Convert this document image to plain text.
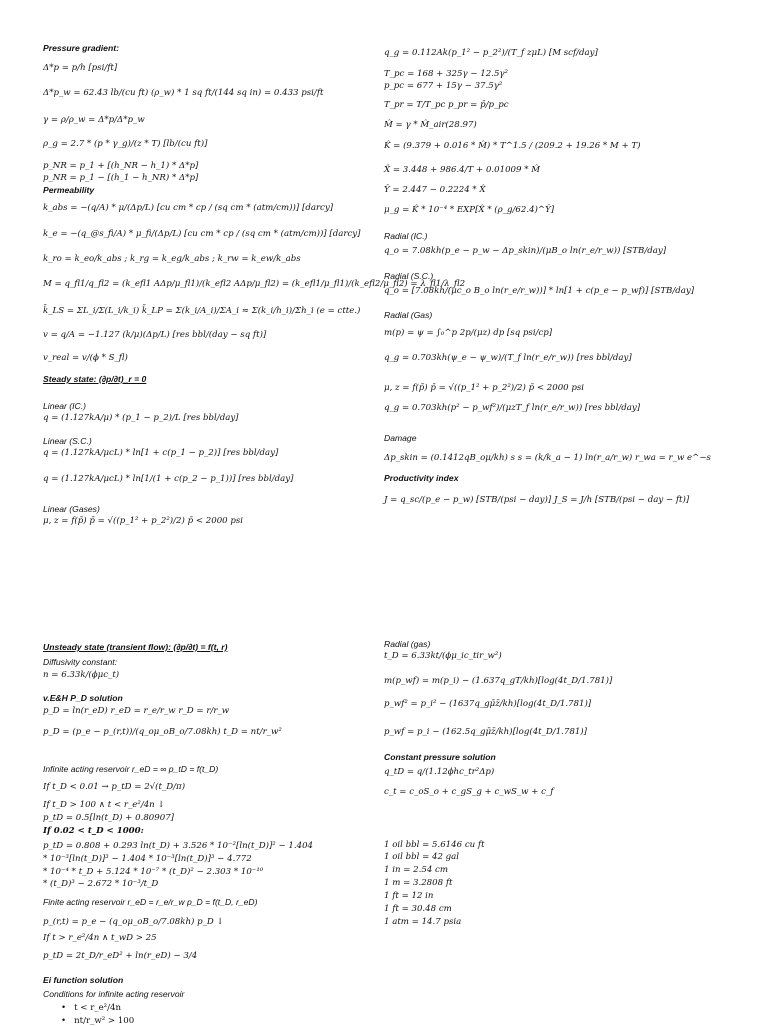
Pressure gradient:
Δ*p = p/h [psi/ft]
Δ*p_w = 62.43 lb/(cu ft) (ρ_w) * 1 sq ft/(144 sq in) = 0.433 psi/ft
γ = ρ/ρ_w = Δ*p/Δ*p_w
ρ_g = 2.7 * (p * γ_g)/(z * T) [lb/(cu ft)]
p_NR = p_1 + [(h_NR − h_1) * Δ*p]
p_NR = p_1 − [(h_1 − h_NR) * Δ*p]
Permeability
k_abs = −(q/A) * μ/(Δp/L) [cu cm * cp / (sq cm * (atm/cm))] [darcy]
k_e = −(q_@s_fi/A) * μ_fi/(Δp/L) [cu cm * cp / (sq cm * (atm/cm))] [darcy]
k_ro = k_eo/k_abs ; k_rg = k_eg/k_abs ; k_rw = k_ew/k_abs
M = q_fl1/q_fl2 = (k_efl1 AΔp/μ_fl1)/(k_efl2 AΔp/μ_fl2) = (k_efl1/μ_fl1)/(k_efl2/μ_fl2) = λ_fl1/λ_fl2
k̄_LS = ΣL_i/Σ(L_i/k_i) k̄_LP = Σ(k_i/A_i)/ΣA_i ≈ Σ(k_i/h_i)/Σh_i (e = ctte.)
v = q/A = −1.127 (k/μ)(Δp/L) [res bbl/(day − sq ft)]
v_real = v/(ϕ * S_fl)
Steady state: (∂p/∂t)_r = 0
Linear (IC.)
q = (1.127kA/μ) * (p_1 − p_2)/L [res bbl/day]
Linear (S.C.)
q = (1.127kA/μcL) * ln[1 + c(p_1 − p_2)] [res bbl/day]
q = (1.127kA/μcL) * ln[1/(1 + c(p_2 − p_1))] [res bbl/day]
Linear (Gases)
μ, z = f(p̄) p̄ = √((p_1² + p_2²)/2) p̄ < 2000 psi
q_g = 0.112Ak(p_1² − p_2²)/(T_f zμL) [M scf/day]
T_pc = 168 + 325γ − 12.5γ²
p_pc = 677 + 15γ − 37.5γ²
T_pr = T/T_pc p_pr = p̄/p_pc
M̂ = γ * M̂_air(28.97)
K̂ = (9.379 + 0.016 * M̂) * T^1.5 / (209.2 + 19.26 * M + T)
X̂ = 3.448 + 986.4/T + 0.01009 * M̂
Ŷ = 2.447 − 0.2224 * X̂
μ_g = K̂ * 10⁻⁴ * EXP[X̂ * (ρ_g/62.4)^Ŷ]
Radial (IC.)
q_o = 7.08kh(p_e − p_w − Δp_skin)/(μB_o ln(r_e/r_w)) [STB/day]
Radial (S.C.)
q_o = [7.08kh/(μc_o B_o ln(r_e/r_w))] * ln[1 + c(p_e − p_wf)] [STB/day]
Radial (Gas)
m(p) = ψ = ∫₀^p 2p/(μz) dp [sq psi/cp]
q_g = 0.703kh(ψ_e − ψ_w)/(T_f ln(r_e/r_w)) [res bbl/day]
μ, z = f(p̄) p̄ = √((p_1² + p_2²)/2) p̄ < 2000 psi
q_g = 0.703kh(p² − p_wf²)/(μzT_f ln(r_e/r_w)) [res bbl/day]
Damage
Δp_skin = (0.1412qB_oμ/kh) s s = (k/k_a − 1) ln(r_a/r_w) r_wa = r_w e^−s
Productivity index
J = q_sc/(p_e − p_w) [STB/(psi − day)] J_S = J/h [STB/(psi − day − ft)]
Unsteady state (transient flow): (∂p/∂t) = f(t, r)
Diffusivity constant:
n = 6.33k/(ϕμc_t)
v.E&H P_D solution
p_D = ln(r_eD) r_eD = r_e/r_w r_D = r/r_w
p_D = (p_e − p_(r,t))/(q_oμ_oB_o/7.08kh) t_D = nt/r_w²
Infinite acting reservoir r_eD = ∞ p_tD = f(t_D)
If t_D < 0.01 → p_tD = 2√(t_D/π)
If t_D > 100 ∧ t < r_e²/4n ↓
p_tD = 0.5[ln(t_D) + 0.80907]
If 0.02 < t_D < 1000:
p_tD = 0.808 + 0.293 ln(t_D) + 3.526 * 10⁻²[ln(t_D)]² − 1.404
* 10⁻³[ln(t_D)]³ − 1.404 * 10⁻³[ln(t_D)]³ − 4.772
* 10⁻⁴ * t_D + 5.124 * 10⁻⁷ * (t_D)² − 2.303 * 10⁻¹⁰
* (t_D)³ − 2.672 * 10⁻³/t_D
Finite acting reservoir r_eD = r_e/r_w p_D = f(t_D, r_eD)
p_(r,t) = p_e − (q_oμ_oB_o/7.08kh) p_D ↓
If t > r_e²/4n ∧ t_wD > 25
p_tD = 2t_D/r_eD² + ln(r_eD) − 3/4
Ei function solution
Conditions for infinite acting reservoir
• t < r_e²/4n
• nt/r_w² > 100
Radial (gas)
t_D = 6.33kt/(ϕμ_ic_tir_w²)
m(p_wf) = m(p_i) − (1.637q_gT/kh)[log(4t_D/1.781)]
p_wf² = p_i² − (1637q_gμ̄z̄/kh)[log(4t_D/1.781)]
p_wf = p_i − (162.5q_gμ̄z̄/kh)[log(4t_D/1.781)]
Constant pressure solution
q_tD = q/(1.12ϕhc_tr²Δp)
c_t = c_oS_o + c_gS_g + c_wS_w + c_f
1 oil bbl = 5.6146 cu ft
1 oil bbl = 42 gal
1 in = 2.54 cm
1 m = 3.2808 ft
1 ft = 12 in
1 ft = 30.48 cm
1 atm = 14.7 psia
